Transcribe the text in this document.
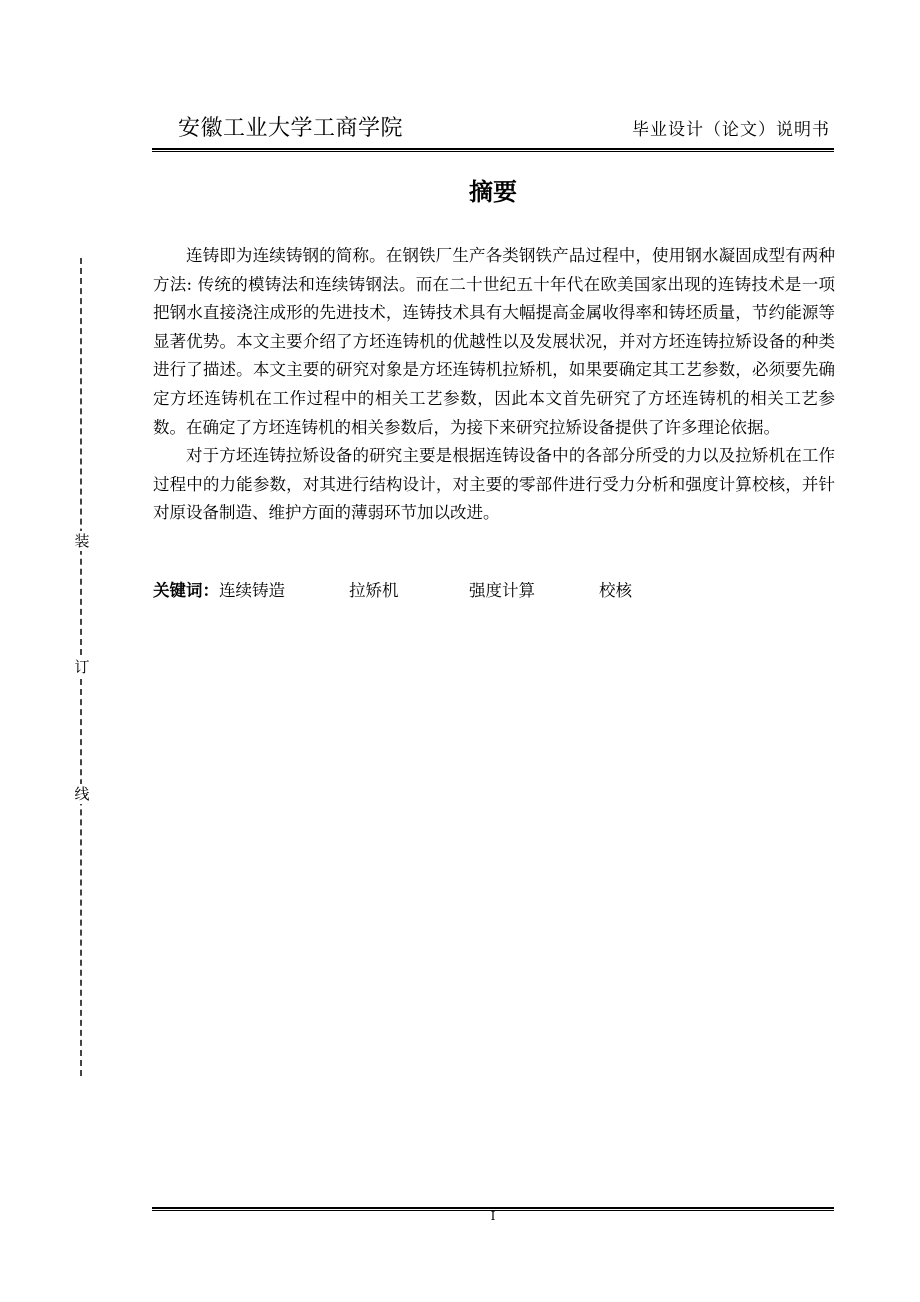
安徽工业大学工商学院	毕业设计（论文）说明书
摘要

连铸即为连续铸钢的简称。在钢铁厂生产各类钢铁产品过程中，使用钢水凝固成型有两种方法: 传统的模铸法和连续铸钢法。而在二十世纪五十年代在欧美国家出现的连铸技术是一项把钢水直接浇注成形的先进技术，连铸技术具有大幅提高金属收得率和铸坯质量，节约能源等显著优势。本文主要介绍了方坯连铸机的优越性以及发展状况，并对方坯连铸拉矫设备的种类进行了描述。本文主要的研究对象是方坯连铸机拉矫机，如果要确定其工艺参数，必须要先确定方坯连铸机在工作过程中的相关工艺参数，因此本文首先研究了方坯连铸机的相关工艺参数。在确定了方坯连铸机的相关参数后，为接下来研究拉矫设备提供了许多理论依据。

对于方坯连铸拉矫设备的研究主要是根据连铸设备中的各部分所受的力以及拉矫机在工作过程中的力能参数，对其进行结构设计，对主要的零部件进行受力分析和强度计算校核，并针对原设备制造、维护方面的薄弱环节加以改进。

关键词：连续铸造	拉矫机	强度计算	校核
装
订
线
I
